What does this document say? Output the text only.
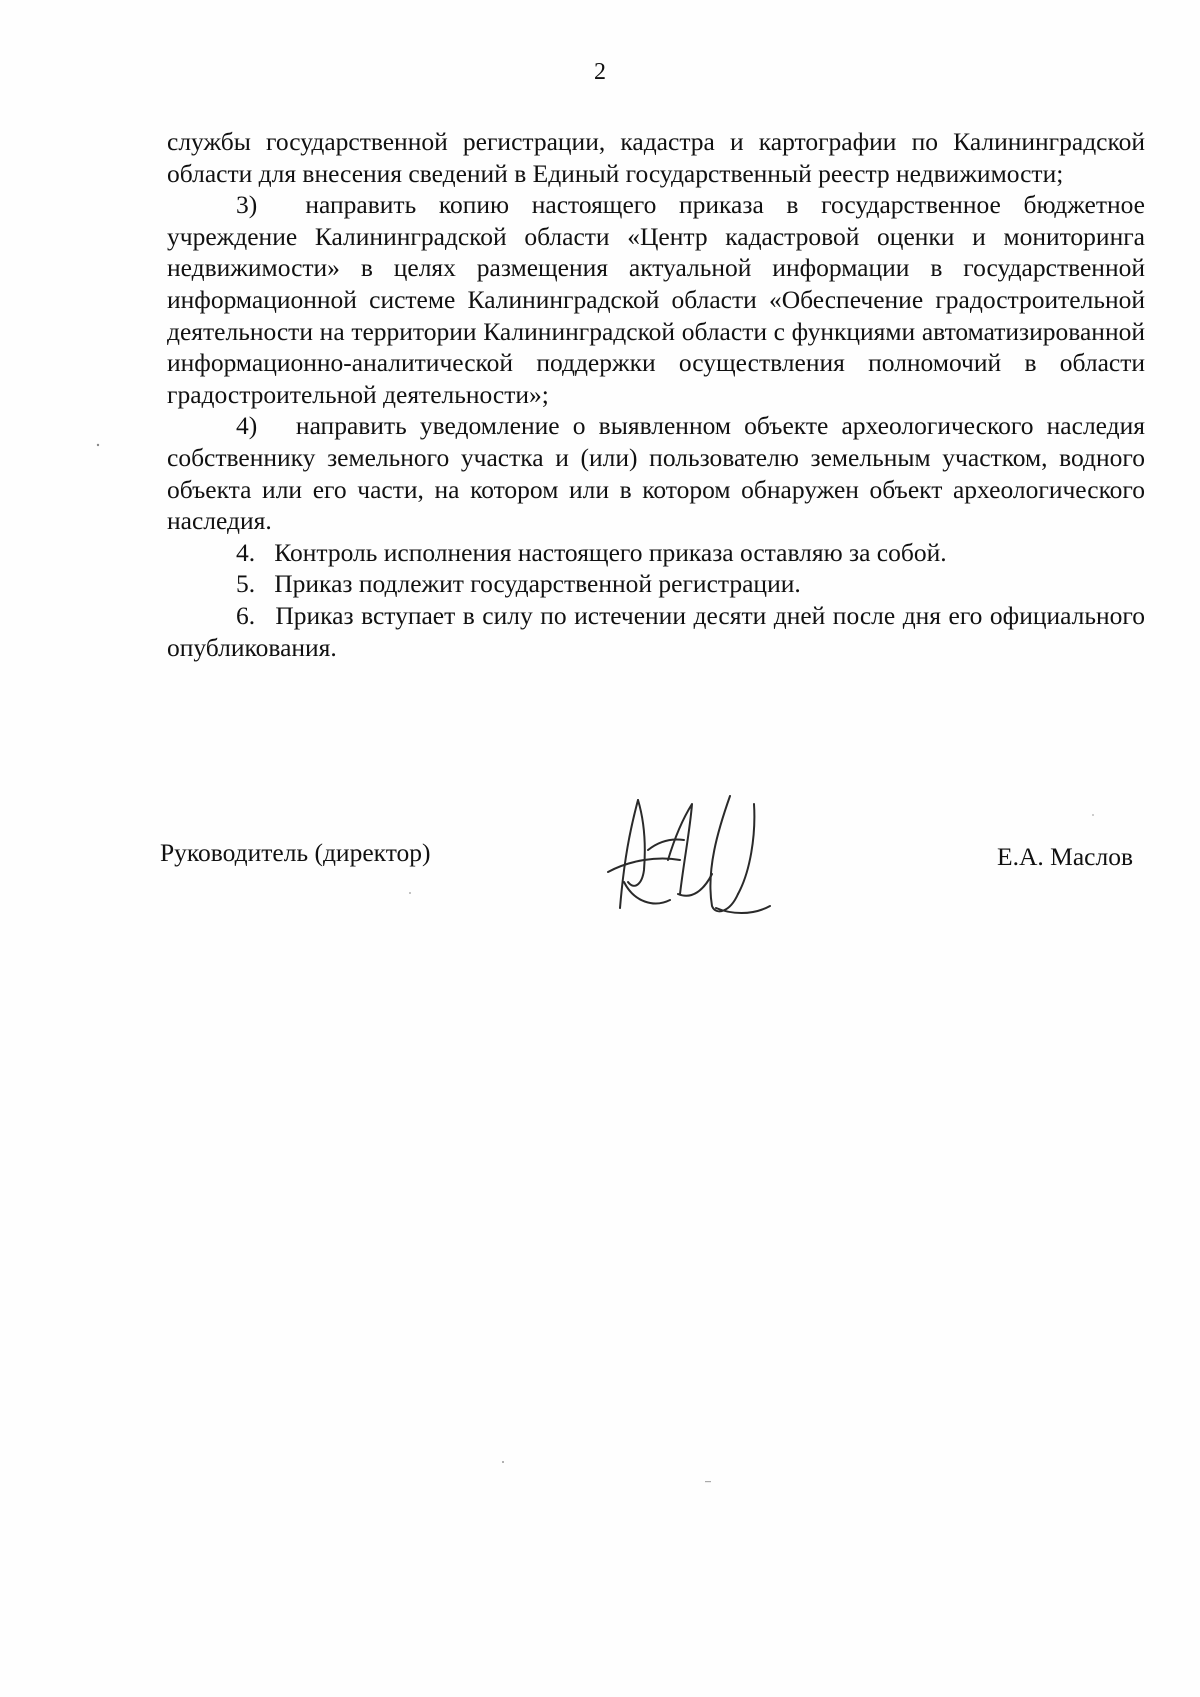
2

службы государственной регистрации, кадастра и картографии по Калининградской области для внесения сведений в Единый государственный реестр недвижимости;

3)  направить копию настоящего приказа в государственное бюджетное учреждение Калининградской области «Центр кадастровой оценки и мониторинга недвижимости» в целях размещения актуальной информации в государственной информационной системе Калининградской области «Обеспечение градостроительной деятельности на территории Калининградской области с функциями автоматизированной информационно-аналитической поддержки осуществления полномочий в области градостроительной деятельности»;

4)  направить уведомление о выявленном объекте археологического наследия собственнику земельного участка и (или) пользователю земельным участком, водного объекта или его части, на котором или в котором обнаружен объект археологического наследия.

4.  Контроль исполнения настоящего приказа оставляю за собой.

5.  Приказ подлежит государственной регистрации.

6.  Приказ вступает в силу по истечении десяти дней после дня его официального опубликования.

Руководитель (директор)	Е.А. Маслов
